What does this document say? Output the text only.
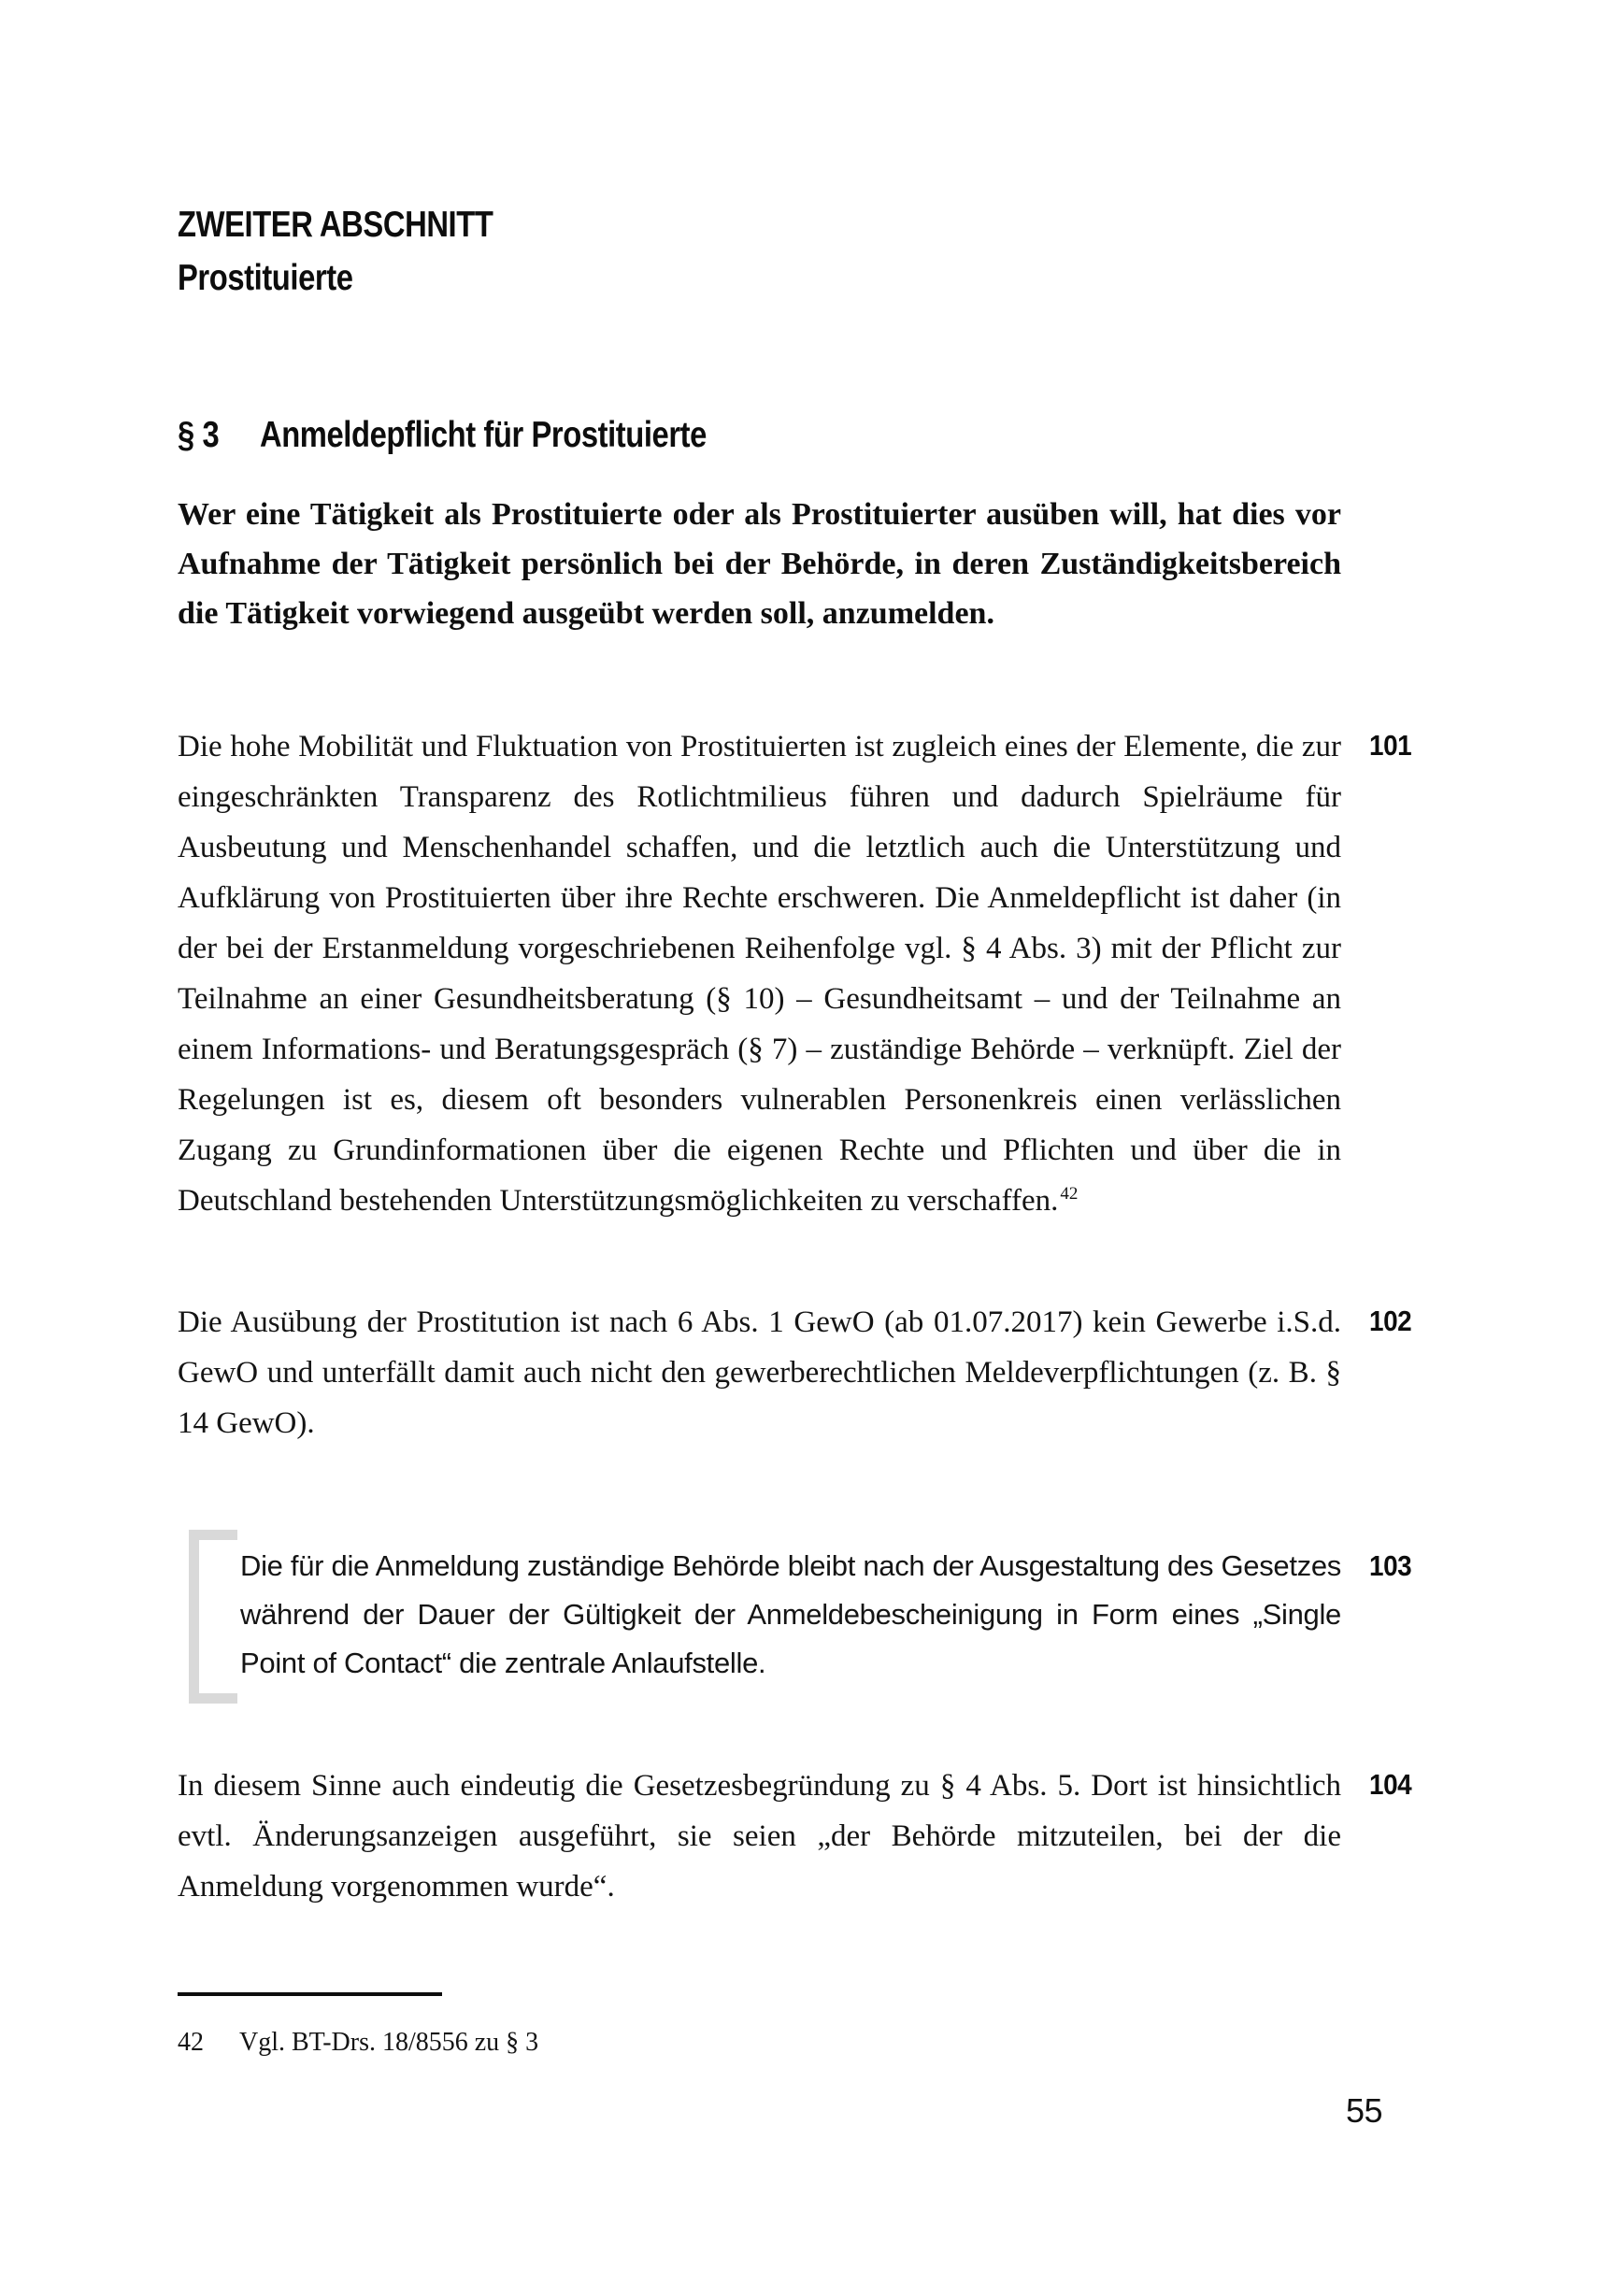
ZWEITER ABSCHNITT
Prostituierte
§ 3 Anmeldepflicht für Prostituierte

Wer eine Tätigkeit als Prostituierte oder als Prostituierter ausüben will, hat dies vor Aufnahme der Tätigkeit persönlich bei der Behörde, in deren Zuständigkeitsbereich die Tätigkeit vorwiegend ausgeübt werden soll, anzumelden.

Die hohe Mobilität und Fluktuation von Prostituierten ist zugleich eines der Elemente, die zur eingeschränkten Transparenz des Rotlichtmilieus führen und dadurch Spielräume für Ausbeutung und Menschenhandel schaffen, und die letztlich auch die Unterstützung und Aufklärung von Prostituierten über ihre Rechte erschweren. Die Anmeldepflicht ist daher (in der bei der Erstanmeldung vorgeschriebenen Reihenfolge vgl. § 4 Abs. 3) mit der Pflicht zur Teilnahme an einer Gesundheitsberatung (§ 10) – Gesundheitsamt – und der Teilnahme an einem Informations- und Beratungsgespräch (§ 7) – zuständige Behörde – verknüpft. Ziel der Regelungen ist es, diesem oft besonders vulnerablen Personenkreis einen verlässlichen Zugang zu Grundinformationen über die eigenen Rechte und Pflichten und über die in Deutschland bestehenden Unterstützungsmöglichkeiten zu verschaffen. $^{42}$
101
Die Ausübung der Prostitution ist nach 6 Abs. 1 GewO (ab 01.07.2017) kein Gewerbe i.S.d. GewO und unterfällt damit auch nicht den gewerberechtlichen Meldeverpflichtungen (z. B. § 14 GewO).
102
Die für die Anmeldung zuständige Behörde bleibt nach der Ausgestaltung des Gesetzes während der Dauer der Gültigkeit der Anmeldebescheinigung in Form eines „Single Point of Contact“ die zentrale Anlaufstelle.
103
In diesem Sinne auch eindeutig die Gesetzesbegründung zu § 4 Abs. 5. Dort ist hinsichtlich evtl. Änderungsanzeigen ausgeführt, sie seien „der Behörde mitzuteilen, bei der die Anmeldung vorgenommen wurde“.
104
42	Vgl. BT-Drs. 18/8556 zu § 3
55
